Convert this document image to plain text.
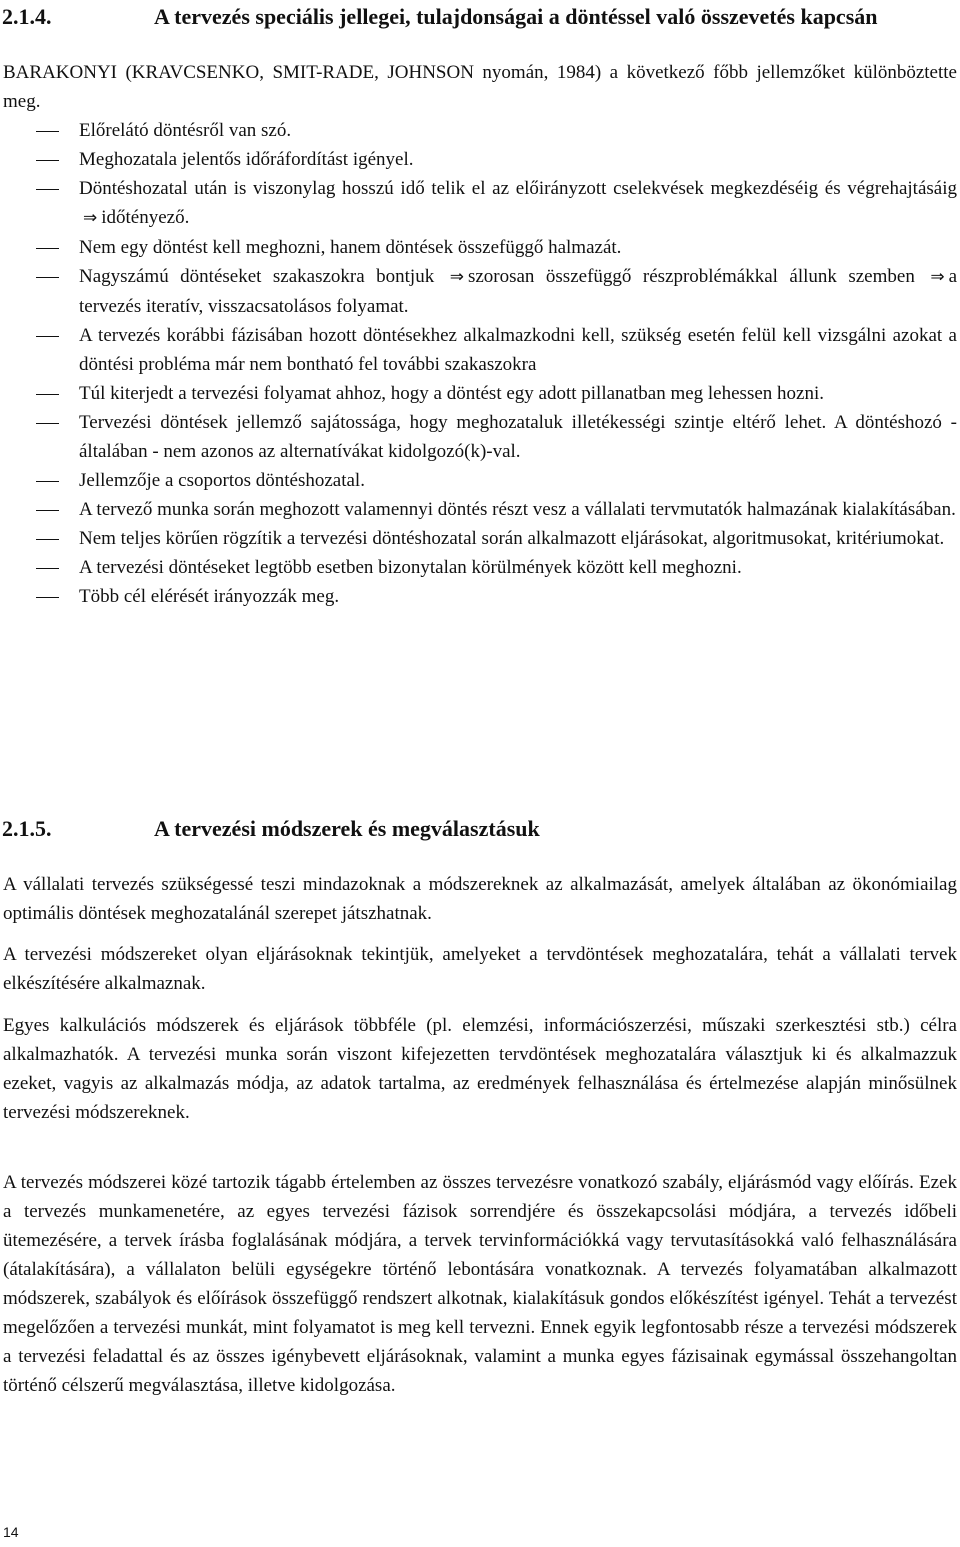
2.1.4.	A tervezés speciális jellegei, tulajdonságai a döntéssel való összevetés kapcsán
BARAKONYI (KRAVCSENKO, SMIT-RADE, JOHNSON nyomán, 1984) a következő főbb jellemzőket különböztette meg.
Előrelátó döntésről van szó.
Meghozatala jelentős időráfordítást igényel.
Döntéshozatal után is viszonylag hosszú idő telik el az előirányzott cselekvések megkezdéséig és végrehajtásáig ⇒ időtényező.
Nem egy döntést kell meghozni, hanem döntések összefüggő halmazát.
Nagyszámú döntéseket szakaszokra bontjuk ⇒ szorosan összefüggő részproblémákkal állunk szemben ⇒ a tervezés iteratív, visszacsatolásos folyamat.
A tervezés korábbi fázisában hozott döntésekhez alkalmazkodni kell, szükség esetén felül kell vizsgálni azokat a döntési probléma már nem bontható fel további szakaszokra
Túl kiterjedt a tervezési folyamat ahhoz, hogy a döntést egy adott pillanatban meg lehessen hozni.
Tervezési döntések jellemző sajátossága, hogy meghozataluk illetékességi szintje eltérő lehet. A döntéshozó - általában - nem azonos az alternatívákat kidolgozó(k)-val.
Jellemzője a csoportos döntéshozatal.
A tervező munka során meghozott valamennyi döntés részt vesz a vállalati tervmutatók halmazának kialakításában.
Nem teljes körűen rögzítik a tervezési döntéshozatal során alkalmazott eljárásokat, algoritmusokat, kritériumokat.
A tervezési döntéseket legtöbb esetben bizonytalan körülmények között kell meghozni.
Több cél elérését irányozzák meg.
2.1.5.	A tervezési módszerek és megválasztásuk

A vállalati tervezés szükségessé teszi mindazoknak a módszereknek az alkalmazását, amelyek általában az ökonómiailag optimális döntések meghozatalánál szerepet játszhatnak.

A tervezési módszereket olyan eljárásoknak tekintjük, amelyeket a tervdöntések meghozatalára, tehát a vállalati tervek elkészítésére alkalmaznak.

Egyes kalkulációs módszerek és eljárások többféle (pl. elemzési, információszerzési, műszaki szerkesztési stb.) célra alkalmazhatók. A tervezési munka során viszont kifejezetten tervdöntések meghozatalára választjuk ki és alkalmazzuk ezeket, vagyis az alkalmazás módja, az adatok tartalma, az eredmények felhasználása és értelmezése alapján minősülnek tervezési módszereknek.

A tervezés módszerei közé tartozik tágabb értelemben az összes tervezésre vonatkozó szabály, eljárásmód vagy előírás. Ezek a tervezés munkamenetére, az egyes tervezési fázisok sorrendjére és összekapcsolási módjára, a tervezés időbeli ütemezésére, a tervek írásba foglalásának módjára, a tervek tervinformációkká vagy tervutasításokká való felhasználására (átalakítására), a vállalaton belüli egységekre történő lebontására vonatkoznak. A tervezés folyamatában alkalmazott módszerek, szabályok és előírások összefüggő rendszert alkotnak, kialakításuk gondos előkészítést igényel. Tehát a tervezést megelőzően a tervezési munkát, mint folyamatot is meg kell tervezni. Ennek egyik legfontosabb része a tervezési módszerek a tervezési feladattal és az összes igénybevett eljárásoknak, valamint a munka egyes fázisainak egymással összehangoltan történő célszerű megválasztása, illetve kidolgozása.

14
